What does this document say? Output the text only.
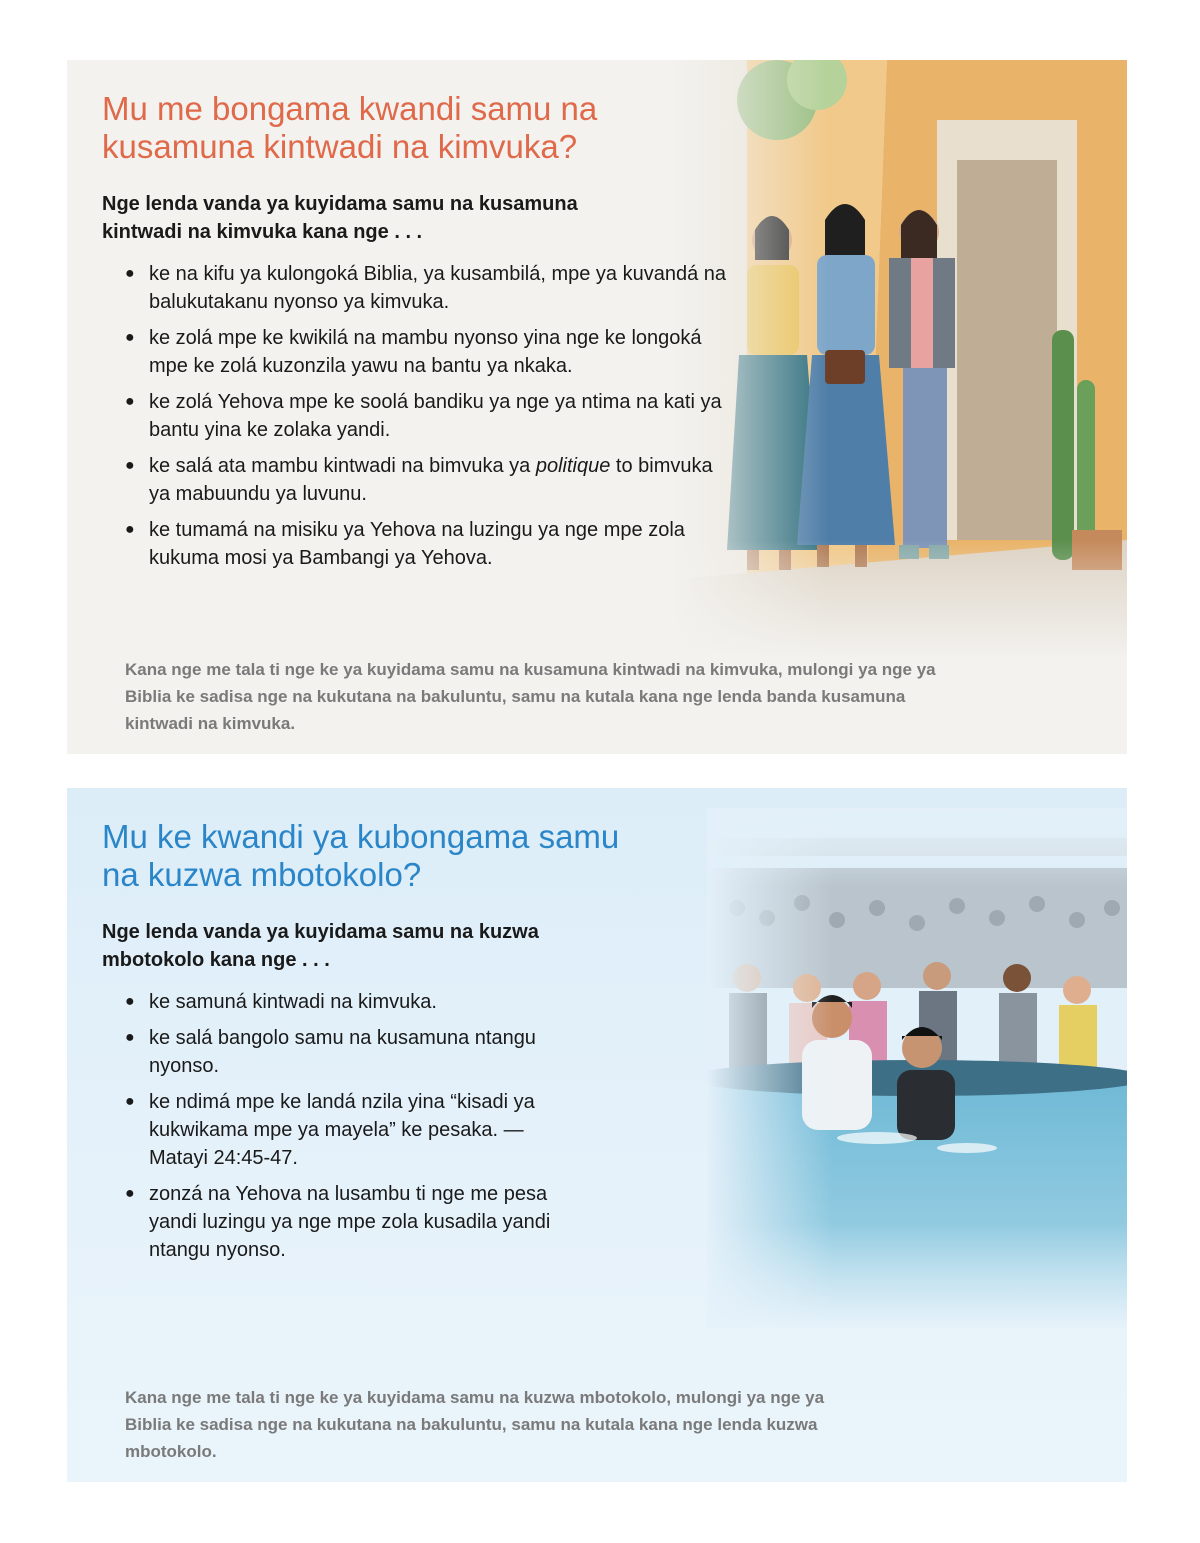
Mu me bongama kwandi samu na kusamuna kintwadi na kimvuka?

Nge lenda vanda ya kuyidama samu na kusamuna kintwadi na kimvuka kana nge . . .

● ke na kifu ya kulongoká Biblia, ya kusambilá, mpe ya kuvandá na balukutakanu nyonso ya kimvuka.
● ke zolá mpe ke kwikilá na mambu nyonso yina nge ke longoká mpe ke zolá kuzonzila yawu na bantu ya nkaka.
● ke zolá Yehova mpe ke soolá bandiku ya nge ya ntima na kati ya bantu yina ke zolaka yandi.
● ke salá ata mambu kintwadi na bimvuka ya politique to bimvuka ya mabuundu ya luvunu.
● ke tumamá na misiku ya Yehova na luzingu ya nge mpe zola kukuma mosi ya Bambangi ya Yehova.

Kana nge me tala ti nge ke ya kuyidama samu na kusamuna kintwadi na kimvuka, mulongi ya nge ya Biblia ke sadisa nge na kukutana na bakuluntu, samu na kutala kana nge lenda banda kusamuna kintwadi na kimvuka.

Mu ke kwandi ya kubongama samu na kuzwa mbotokolo?

Nge lenda vanda ya kuyidama samu na kuzwa mbotokolo kana nge . . .

● ke samuná kintwadi na kimvuka.
● ke salá bangolo samu na kusamuna ntangu nyonso.
● ke ndimá mpe ke landá nzila yina “kisadi ya kukwikama mpe ya mayela” ke pesaka. —Matayi 24:45-47.
● zonzá na Yehova na lusambu ti nge me pesa yandi luzingu ya nge mpe zola kusadila yandi ntangu nyonso.

Kana nge me tala ti nge ke ya kuyidama samu na kuzwa mbotokolo, mulongi ya nge ya Biblia ke sadisa nge na kukutana na bakuluntu, samu na kutala kana nge lenda kuzwa mbotokolo.
